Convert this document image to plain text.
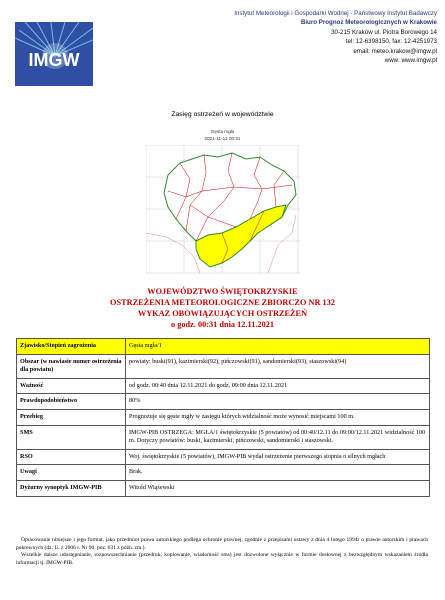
IMGW
Instytut Meteorologii i Gospodarki Wodnej - Państwowy Instytut Badawczy
Biuro Prognoz Meteorologicznych w Krakowie
30-215 Kraków ul. Piotra Borowego 14
tel: 12-6398150, fax: 12-4251973
email: meteo.krakow@imgw.pl
www: www.imgw.pl
Zasięg ostrzeżeń w województwie
Gęsta mgła
2021-11-12 00:31
WOJEWÓDZTWO ŚWIĘTOKRZYSKIE
OSTRZEŻENIA METEOROLOGICZNE ZBIORCZO NR 132
WYKAZ OBOWIĄZUJĄCYCH OSTRZEŻEŃ
o godz. 00:31 dnia 12.11.2021
Zjawisko/Stopień zagrożenia	Gęsta mgła/1
Obszar (w nawiasie numer ostrzeżenia dla powiatu)	powiaty: buski(91), kazimierski(92), pińczowski(91), sandomierski(93), staszowski(94)
Ważność	od godz. 00:40 dnia 12.11.2021 do godz. 09:00 dnia 12.11.2021
Prawdopodobieństwo	80%
Przebieg	Prognozuje się gęste mgły w zasięgu których widzialność może wynosić miejscami 100 m.
SMS	IMGW-PIB OSTRZEGA: MGŁA/1 świętokrzyskie (5 powiatów) od 00:40/12.11 do 09:00/12.11.2021 widzialność 100 m. Dotyczy powiatów: buski, kazimierski, pińczowski, sandomierski i staszowski.
RSO	Woj. świętokrzyskie (5 powiatów), IMGW-PIB wydał ostrzeżenie pierwszego stopnia o silnych mgłach
Uwagi	Brak.
Dyżurny synoptyk IMGW-PIB	Witold Wiąśewski

Opracowanie niniejsze i jego format, jako przedmiot prawa autorskiego podlega ochronie prawnej, zgodnie z przepisami ustawy z dnia 4 lutego 1994r o prawie autorskim i prawach pokrewnych (dz. U. z 2006 r. Nr 90, poz. 631 z późn. zm.).

Wszelkie dalsze udostępnianie, rozpowszechnianie (przedruk, kopiowanie, wiadomość sms) jest dozwolone wyłącznie w formie dosłownej z bezwzględnym wskazaniem źródła informacji tj. IMGW-PIB.
